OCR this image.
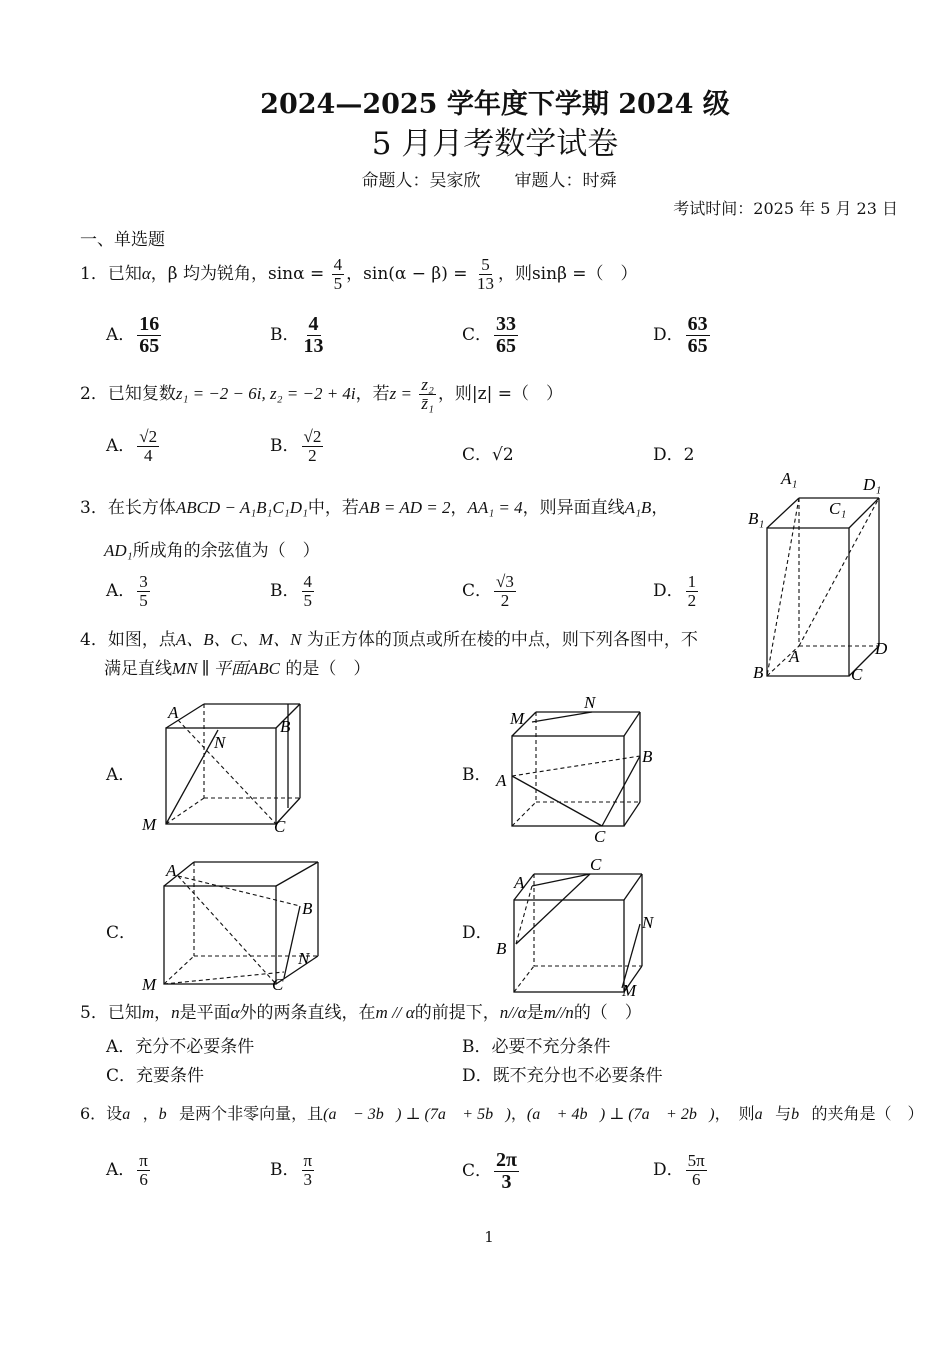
2024—2025 学年度下学期 2024 级
5 月月考数学试卷
命题人：吴家欣　　审题人：时舜
考试时间：2025 年 5 月 23 日
一、单选题
1．已知α，β 均为锐角，$\sin\alpha = \frac{4}{5}$ ，$\sin(\alpha - \beta) = \frac{5}{13}$ ，则sinβ =（　）
A． $\frac{16}{65}$	B． $\frac{4}{13}$	C． $\frac{33}{65}$	D． $\frac{63}{65}$
2．已知复数z₁ = −2 − 6i, z₂ = −2 + 4i，若$z = \frac{\text{z₂}}{\text{z̄₁}}$ ，则|z| =（　）
A． $\frac{√2}{4}$	B． $\frac{√2}{2}$	C．√2	D．2
3．在长方体ABCD − A₁B₁C₁D₁中，若AB = AD = 2，AA₁ = 4，则异面直线A₁B，
AD₁所成角的余弦值为（　）
A． $\frac{3}{5}$	B． $\frac{4}{5}$	C． $\frac{√3}{2}$	D． $\frac{1}{2}$
A₁	D₁
B₁
C₁
A	D
B	C
4．如图，点A、B、C、M、N 为正方体的顶点或所在棱的中点，则下列各图中，不
满足直线MN ∥ 平面ABC 的是（　）
A．	B．
C．	D．
A
B
N
M	C
M
N
B
A
C
A
B
N
M	C
C
A
B
N
M
5．已知m，n是平面α外的两条直线，在m // α的前提下，n//α是m//n的（　）
A．充分不必要条件	B．必要不充分条件
C．充要条件	D．既不充分也不必要条件
6．设a⃗，b⃗是两个非零向量，且(a⃗ − 3b⃗) ⊥ (7a⃗ + 5b⃗)，(a⃗ + 4b⃗) ⊥ (7a⃗ + 2b⃗)，　则a⃗与b⃗的夹角是（　）
A． $\frac{\pi}{6}$	B． $\frac{\pi}{3}$	C． $\frac{2\pi}{3}$	D． $\frac{5\pi}{6}$
1
